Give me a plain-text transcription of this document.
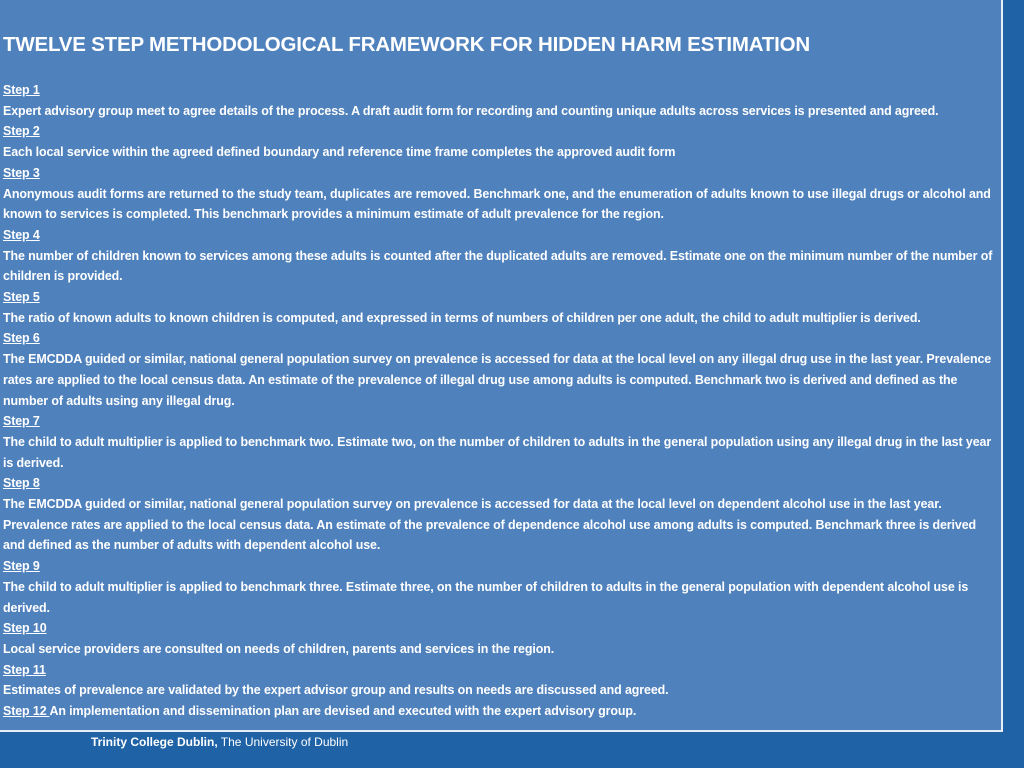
TWELVE STEP METHODOLOGICAL FRAMEWORK FOR HIDDEN HARM ESTIMATION
Step 1
Expert advisory group meet to agree details of the process. A draft audit form for recording and counting unique adults across services is presented and agreed.
Step 2
Each local service within the agreed defined boundary and reference time frame completes the approved audit form
Step 3
Anonymous audit forms are returned to the study team, duplicates are removed. Benchmark one, and the enumeration of adults known to use illegal drugs or alcohol and known to services is completed. This benchmark provides a minimum estimate of adult prevalence for the region.
Step 4
The number of children known to services among these adults is counted after the duplicated adults are removed. Estimate one on the minimum number of the number of children is provided.
Step 5
The ratio of known adults to known children is computed, and expressed in terms of numbers of children per one adult, the child to adult multiplier is derived.
Step 6
The EMCDDA guided or similar, national general population survey on prevalence is accessed for data at the local level on any illegal drug use in the last year. Prevalence rates are applied to the local census data. An estimate of the prevalence of illegal drug use among adults is computed. Benchmark two is derived and defined as the number of adults using any illegal drug.
Step 7
The child to adult multiplier is applied to benchmark two. Estimate two, on the number of children to adults in the general population using any illegal drug in the last year is derived.
Step 8
The EMCDDA guided or similar, national general population survey on prevalence is accessed for data at the local level on dependent alcohol use in the last year. Prevalence rates are applied to the local census data. An estimate of the prevalence of dependence alcohol use among adults is computed. Benchmark three is derived and defined as the number of adults with dependent alcohol use.
Step 9
The child to adult multiplier is applied to benchmark three. Estimate three, on the number of children to adults in the general population with dependent alcohol use is derived.
Step 10
Local service providers are consulted on needs of children, parents and services in the region.
Step 11
Estimates of prevalence are validated by the expert advisor group and results on needs are discussed and agreed.
Step 12 An implementation and dissemination plan are devised and executed with the expert advisory group.
Trinity College Dublin, The University of Dublin
